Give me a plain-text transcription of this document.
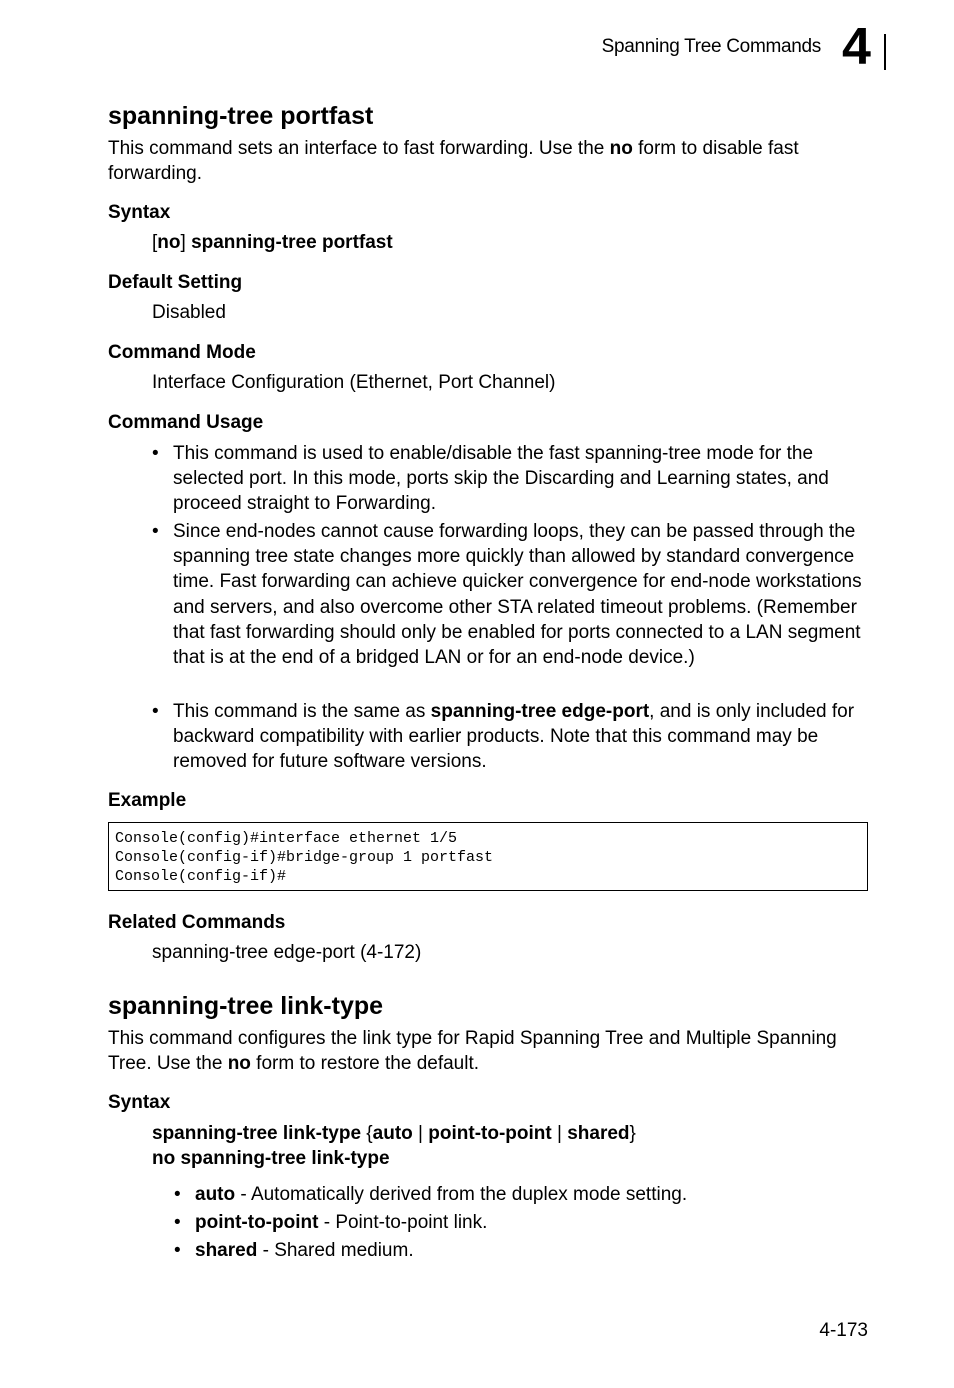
Spanning Tree Commands 4
spanning-tree portfast
This command sets an interface to fast forwarding. Use the no form to disable fast forwarding.
Syntax
[no] spanning-tree portfast
Default Setting
Disabled
Command Mode
Interface Configuration (Ethernet, Port Channel)
Command Usage
• This command is used to enable/disable the fast spanning-tree mode for the selected port. In this mode, ports skip the Discarding and Learning states, and proceed straight to Forwarding.
• Since end-nodes cannot cause forwarding loops, they can be passed through the spanning tree state changes more quickly than allowed by standard convergence time. Fast forwarding can achieve quicker convergence for end-node workstations and servers, and also overcome other STA related timeout problems. (Remember that fast forwarding should only be enabled for ports connected to a LAN segment that is at the end of a bridged LAN or for an end-node device.)
• This command is the same as spanning-tree edge-port, and is only included for backward compatibility with earlier products. Note that this command may be removed for future software versions.
Example
Console(config)#interface ethernet 1/5
Console(config-if)#bridge-group 1 portfast
Console(config-if)#
Related Commands
spanning-tree edge-port (4-172)
spanning-tree link-type
This command configures the link type for Rapid Spanning Tree and Multiple Spanning Tree. Use the no form to restore the default.
Syntax
spanning-tree link-type {auto | point-to-point | shared}
no spanning-tree link-type
• auto - Automatically derived from the duplex mode setting.
• point-to-point - Point-to-point link.
• shared - Shared medium.
4-173
